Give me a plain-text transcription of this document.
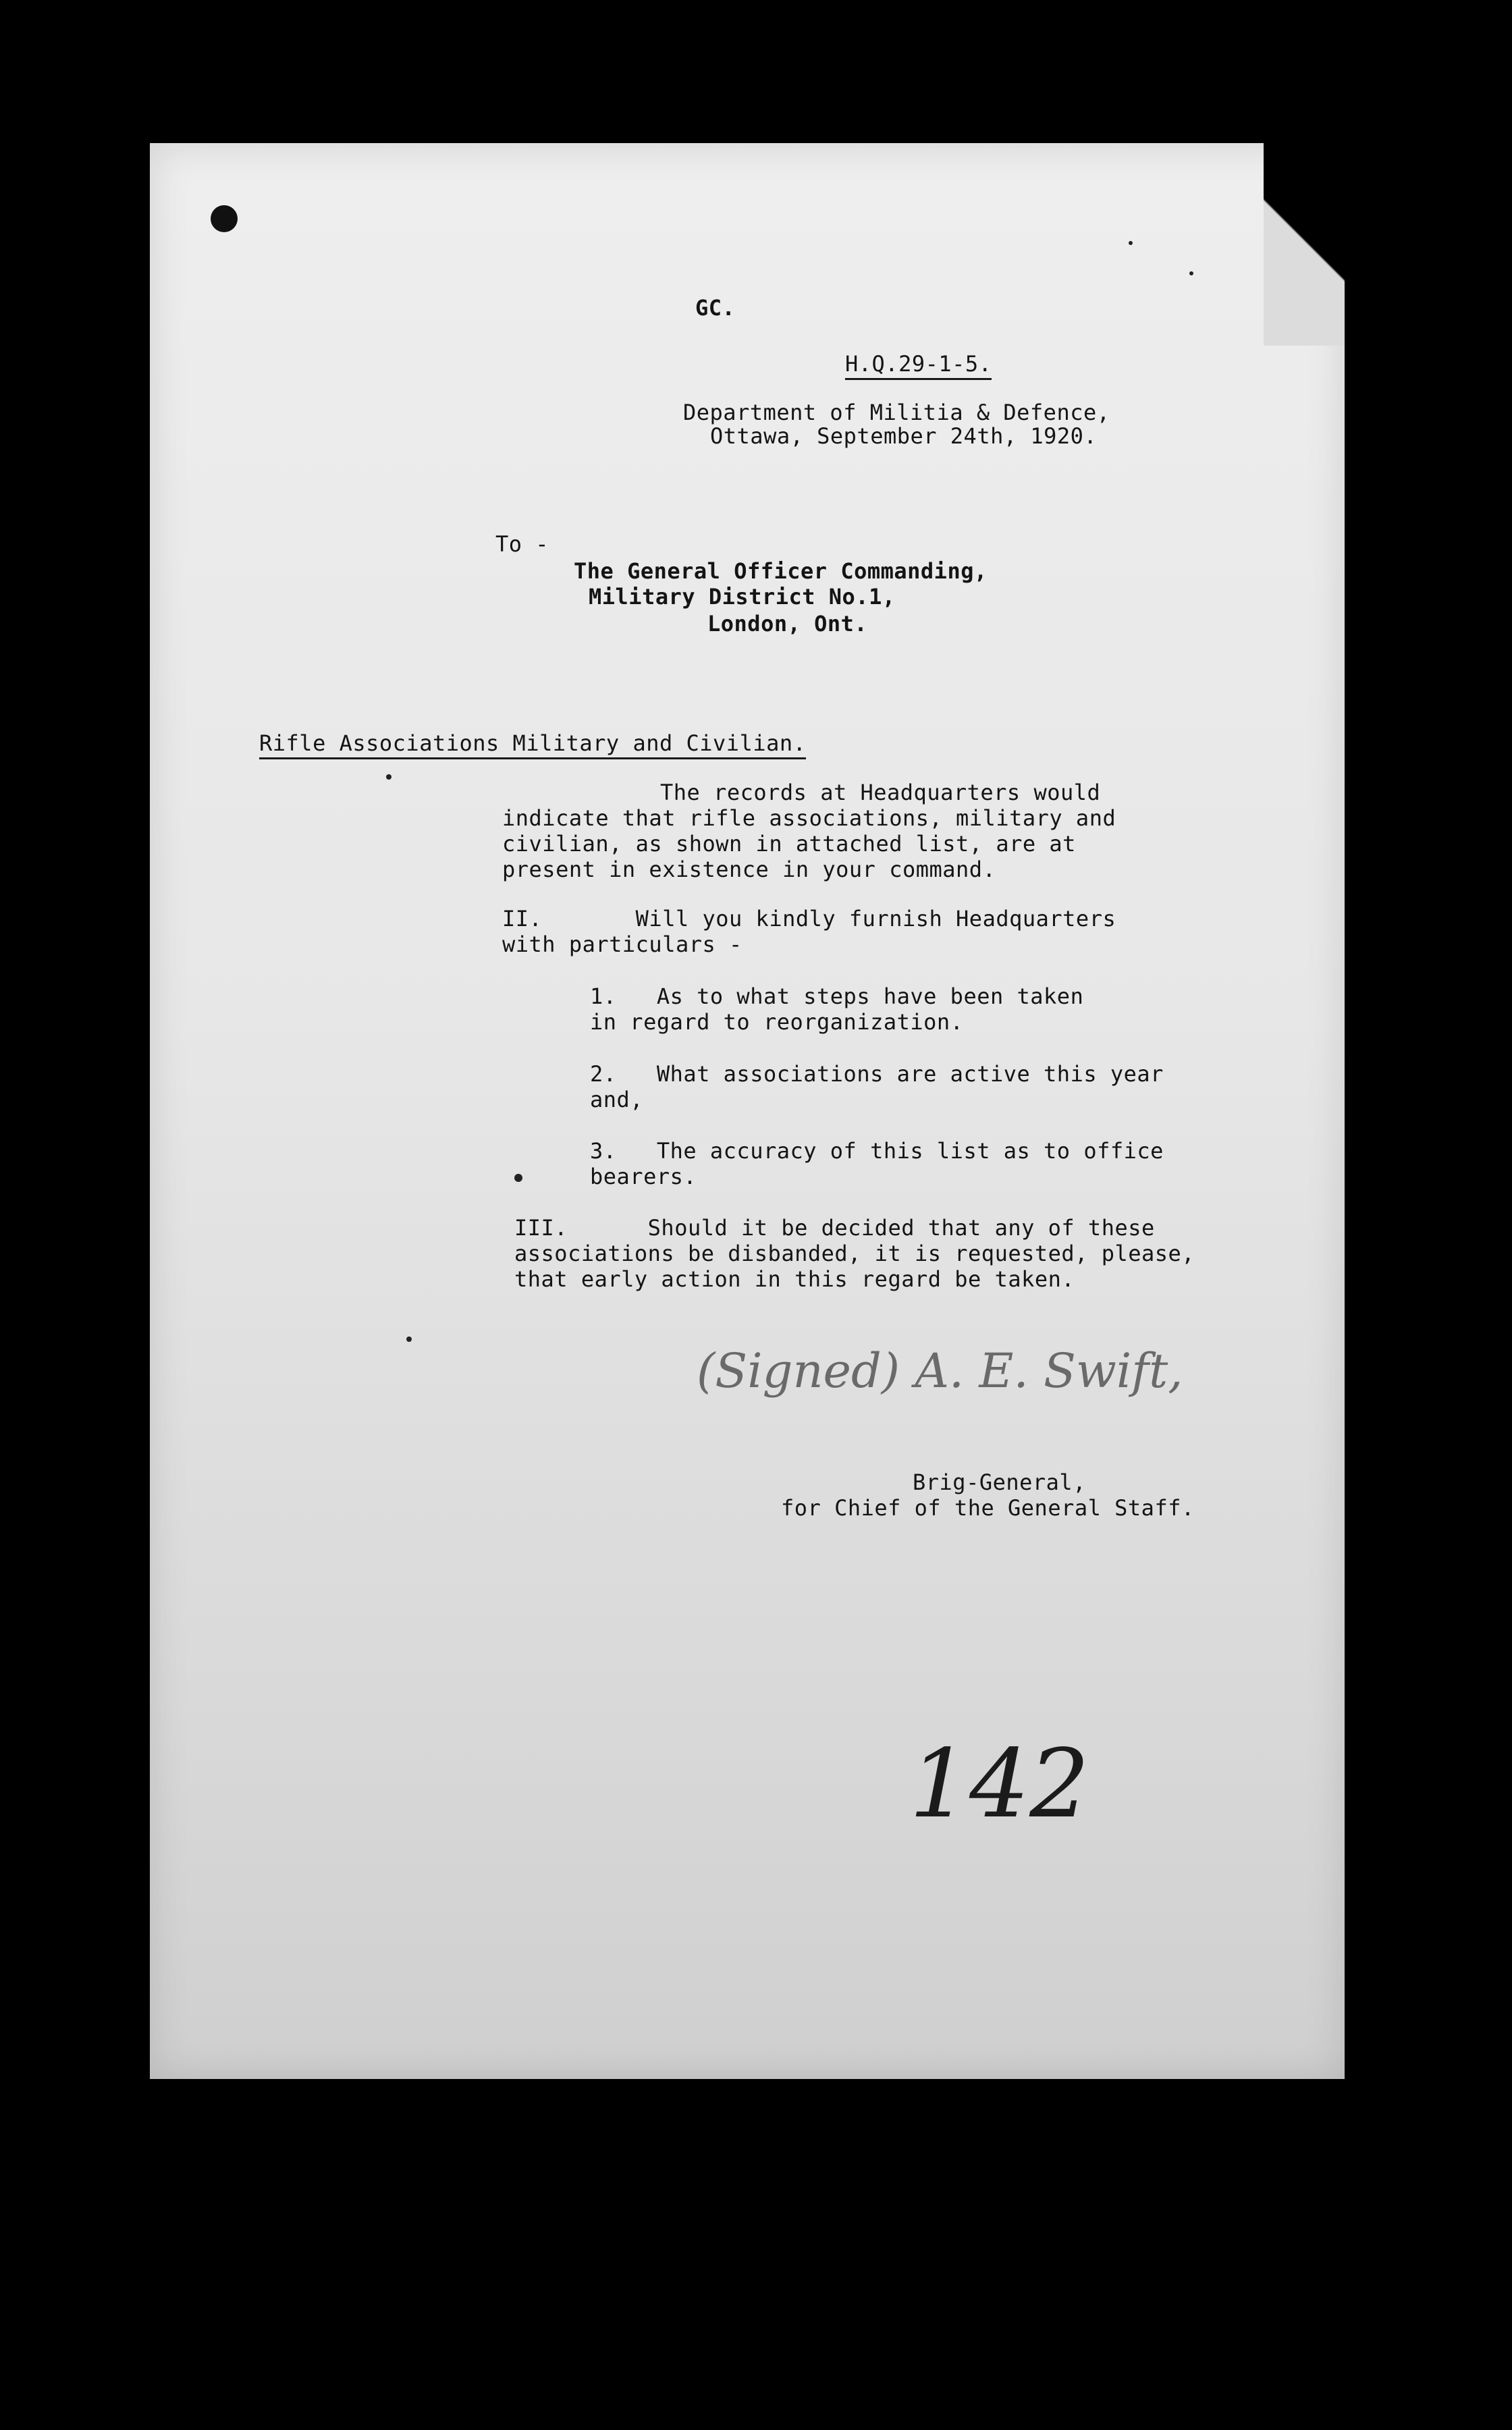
GC.
H.Q.29-1-5.
Department of Militia & Defence,
Ottawa, September 24th, 1920.
To -
The General Officer Commanding,
Military District No.1,
London, Ont.
Rifle Associations Military and Civilian.
The records at Headquarters would
indicate that rifle associations, military and
civilian, as shown in attached list, are at
present in existence in your command.
II.       Will you kindly furnish Headquarters
with particulars -
1.   As to what steps have been taken
in regard to reorganization.
2.   What associations are active this year
and,
3.   The accuracy of this list as to office
bearers.
III.      Should it be decided that any of these
associations be disbanded, it is requested, please,
that early action in this regard be taken.
(Signed) A. E. Swift,
Brig-General,
for Chief of the General Staff.
142
